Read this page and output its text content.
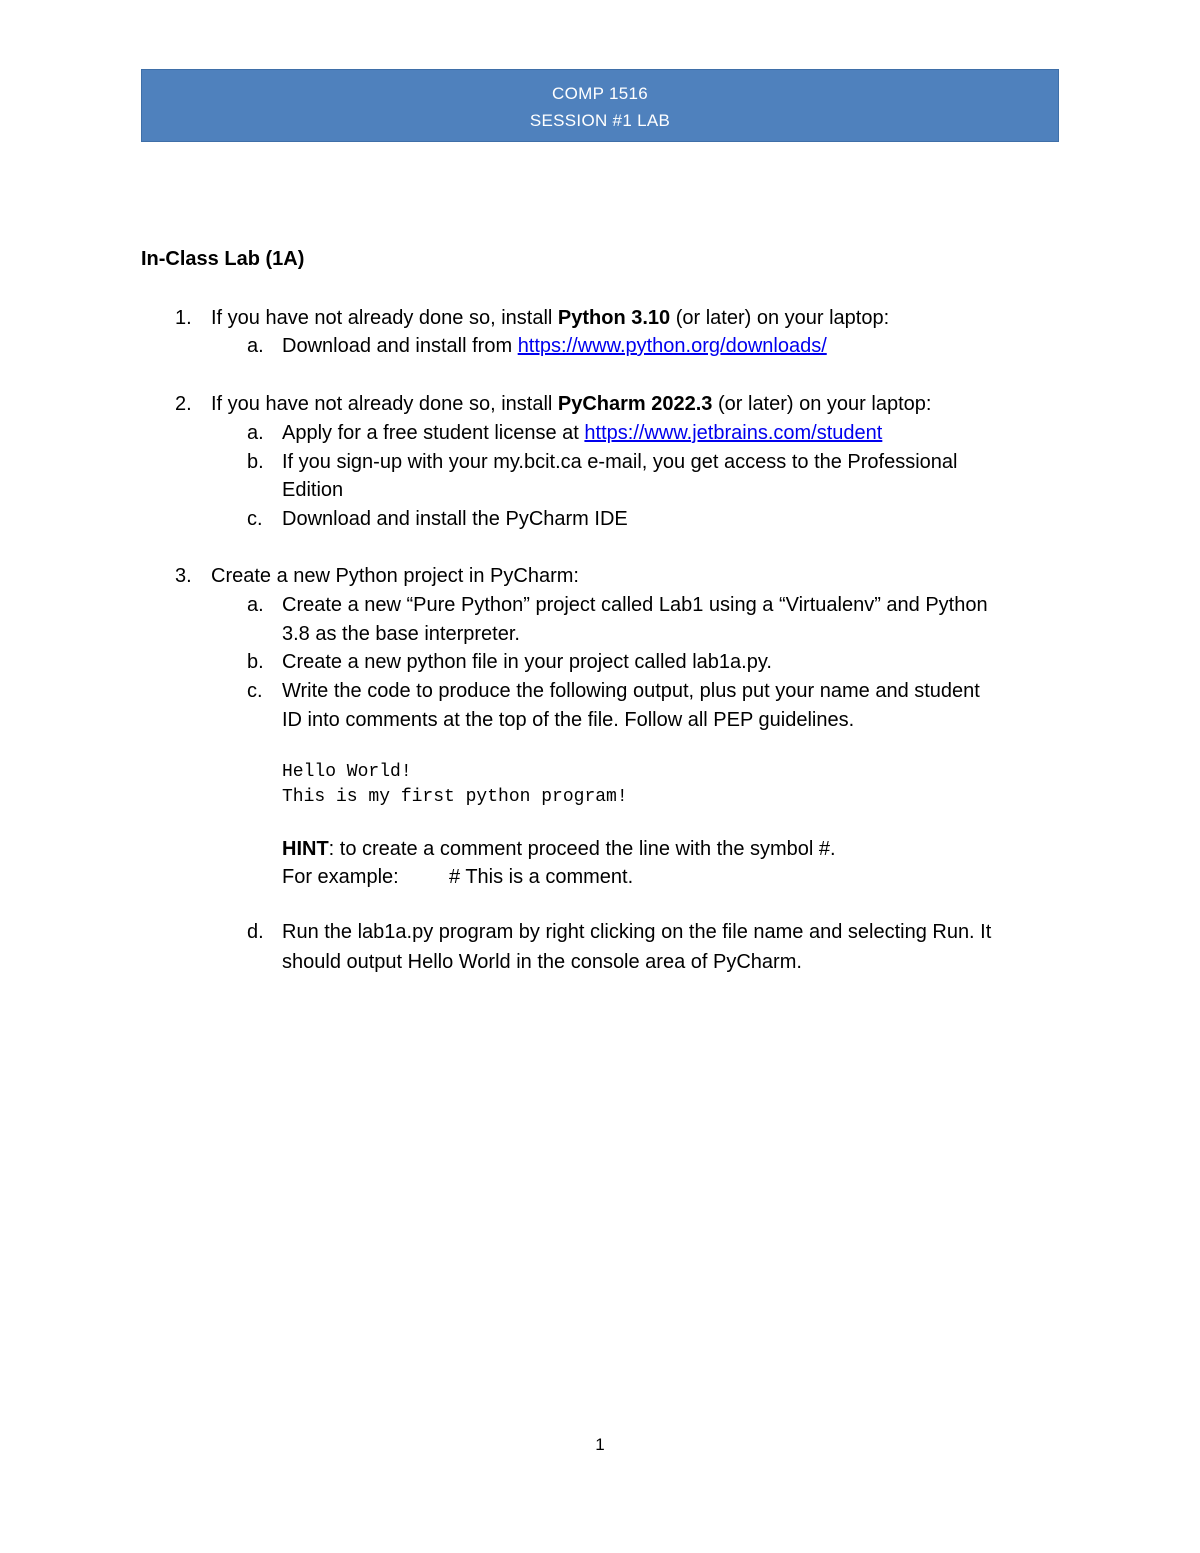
COMP 1516
SESSION #1 LAB
In-Class Lab (1A)
1. If you have not already done so, install Python 3.10 (or later) on your laptop:
a. Download and install from https://www.python.org/downloads/
2. If you have not already done so, install PyCharm 2022.3 (or later) on your laptop:
a. Apply for a free student license at https://www.jetbrains.com/student
b. If you sign-up with your my.bcit.ca e-mail, you get access to the Professional
Edition
c. Download and install the PyCharm IDE
3. Create a new Python project in PyCharm:
a. Create a new “Pure Python” project called Lab1 using a “Virtualenv” and Python
3.8 as the base interpreter.
b. Create a new python file in your project called lab1a.py.
c. Write the code to produce the following output, plus put your name and student
ID into comments at the top of the file. Follow all PEP guidelines.
Hello World!
This is my first python program!
HINT: to create a comment proceed the line with the symbol #.
For example:	# This is a comment.
d. Run the lab1a.py program by right clicking on the file name and selecting Run. It
should output Hello World in the console area of PyCharm.
1
